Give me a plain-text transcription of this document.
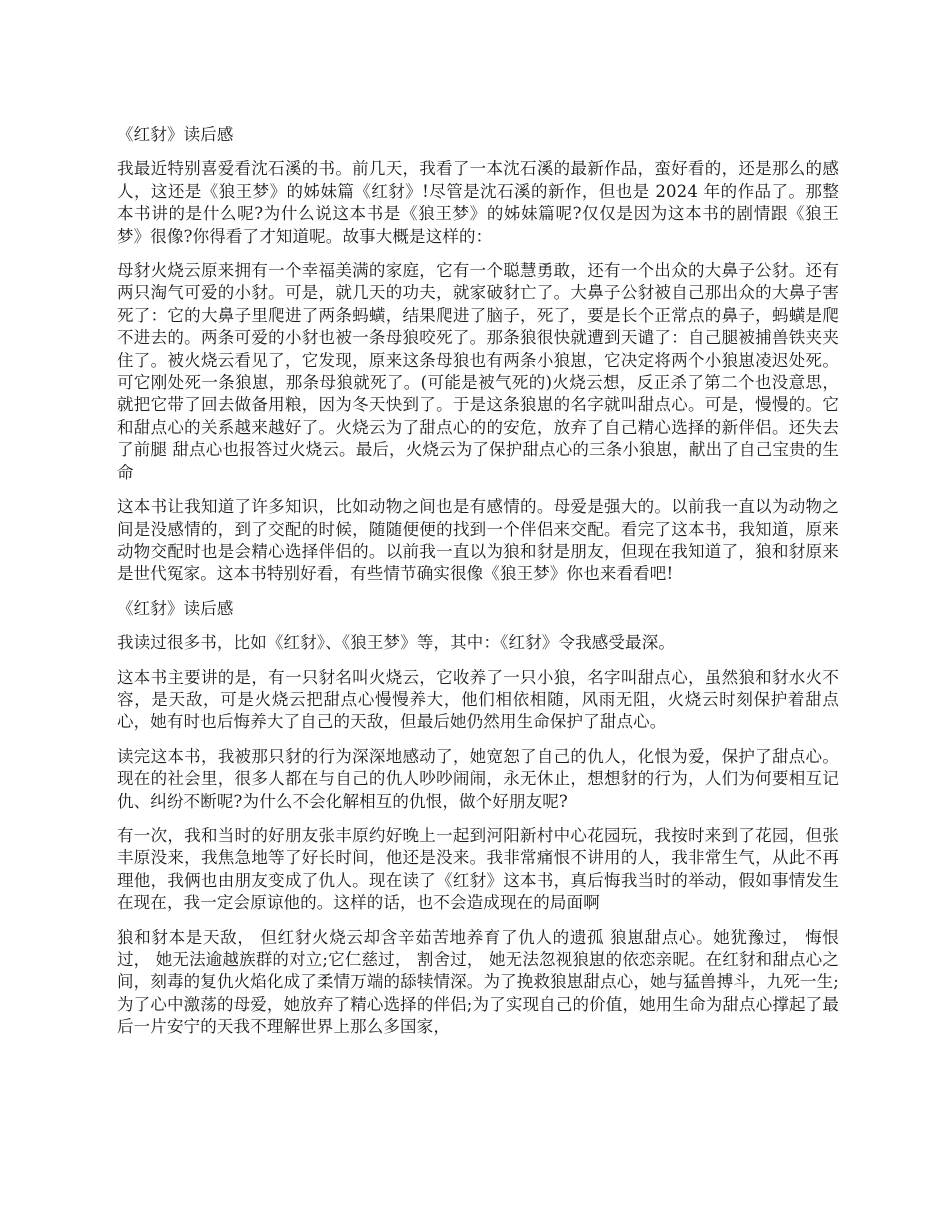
《红豺》读后感

我最近特别喜爱看沈石溪的书。前几天，我看了一本沈石溪的最新作品，蛮好看的，还是那么的感人，这还是《狼王梦》的姊妹篇《红豺》!尽管是沈石溪的新作，但也是 2024 年的作品了。那整本书讲的是什么呢?为什么说这本书是《狼王梦》的姊妹篇呢?仅仅是因为这本书的剧情跟《狼王梦》很像?你得看了才知道呢。故事大概是这样的：

母豺火烧云原来拥有一个幸福美满的家庭，它有一个聪慧勇敢，还有一个出众的大鼻子公豺。还有两只淘气可爱的小豺。可是，就几天的功夫，就家破豺亡了。大鼻子公豺被自己那出众的大鼻子害死了：它的大鼻子里爬进了两条蚂蟥，结果爬进了脑子，死了，要是长个正常点的鼻子，蚂蟥是爬不进去的。两条可爱的小豺也被一条母狼咬死了。那条狼很快就遭到天谴了：自己腿被捕兽铁夹夹住了。被火烧云看见了，它发现，原来这条母狼也有两条小狼崽，它决定将两个小狼崽凌迟处死。可它刚处死一条狼崽，那条母狼就死了。(可能是被气死的)火烧云想，反正杀了第二个也没意思，就把它带了回去做备用粮，因为冬天快到了。于是这条狼崽的名字就叫甜点心。可是，慢慢的。它和甜点心的关系越来越好了。火烧云为了甜点心的的安危，放弃了自己精心选择的新伴侣。还失去了前腿 甜点心也报答过火烧云。最后，火烧云为了保护甜点心的三条小狼崽，献出了自己宝贵的生命

这本书让我知道了许多知识，比如动物之间也是有感情的。母爱是强大的。以前我一直以为动物之间是没感情的，到了交配的时候，随随便便的找到一个伴侣来交配。看完了这本书，我知道，原来动物交配时也是会精心选择伴侣的。以前我一直以为狼和豺是朋友，但现在我知道了，狼和豺原来是世代冤家。这本书特别好看，有些情节确实很像《狼王梦》你也来看看吧!

《红豺》读后感

我读过很多书，比如《红豺》、《狼王梦》等，其中：《红豺》令我感受最深。

这本书主要讲的是，有一只豺名叫火烧云，它收养了一只小狼，名字叫甜点心，虽然狼和豺水火不容，是天敌，可是火烧云把甜点心慢慢养大，他们相依相随，风雨无阻，火烧云时刻保护着甜点心，她有时也后悔养大了自己的天敌，但最后她仍然用生命保护了甜点心。

读完这本书，我被那只豺的行为深深地感动了，她宽恕了自己的仇人，化恨为爱，保护了甜点心。现在的社会里，很多人都在与自己的仇人吵吵闹闹，永无休止，想想豺的行为，人们为何要相互记仇、纠纷不断呢?为什么不会化解相互的仇恨，做个好朋友呢?

有一次，我和当时的好朋友张丰原约好晚上一起到河阳新村中心花园玩，我按时来到了花园，但张丰原没来，我焦急地等了好长时间，他还是没来。我非常痛恨不讲用的人，我非常生气，从此不再理他，我俩也由朋友变成了仇人。现在读了《红豺》这本书，真后悔我当时的举动，假如事情发生在现在，我一定会原谅他的。这样的话，也不会造成现在的局面啊

狼和豺本是天敌， 但红豺火烧云却含辛茹苦地养育了仇人的遗孤 狼崽甜点心。她犹豫过， 悔恨过， 她无法逾越族群的对立;它仁慈过， 割舍过， 她无法忽视狼崽的依恋亲昵。在红豺和甜点心之间，刻毒的复仇火焰化成了柔情万端的舔犊情深。为了挽救狼崽甜点心，她与猛兽搏斗，九死一生;为了心中激荡的母爱，她放弃了精心选择的伴侣;为了实现自己的价值，她用生命为甜点心撑起了最后一片安宁的天我不理解世界上那么多国家，
